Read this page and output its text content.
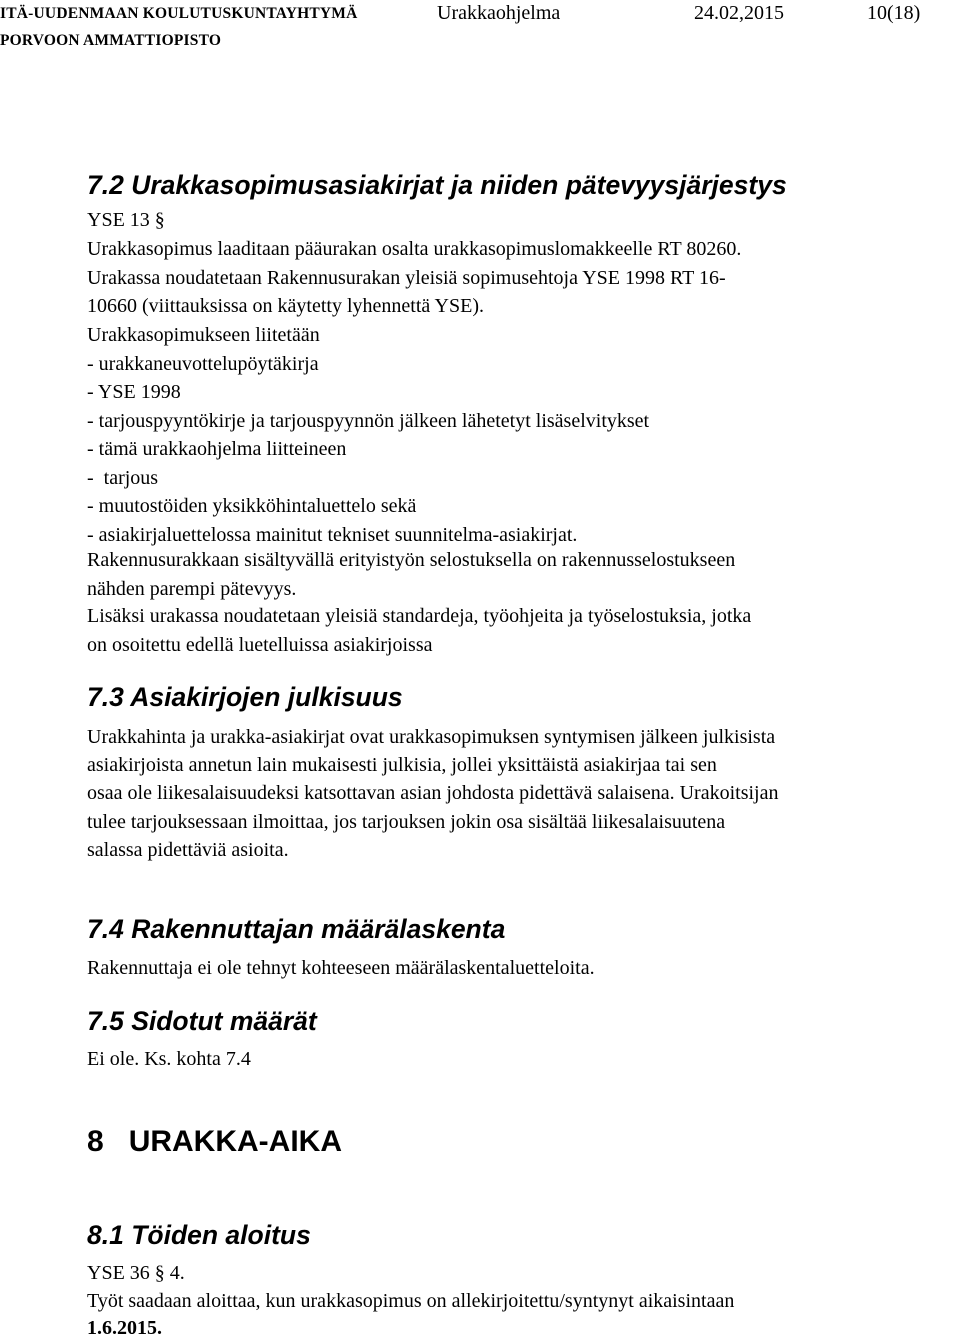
ITÄ-UUDENMAAN KOULUTUSKUNTAYHTYMÄ
PORVOON AMMATTIOPISTO
Urakkaohjelma	24.02,2015	10(18)
7.2 Urakkasopimusasiakirjat ja niiden pätevyysjärjestys
YSE 13 §
Urakkasopimus laaditaan pääurakan osalta urakkasopimuslomakkeelle RT 80260.
Urakassa noudatetaan Rakennusurakan yleisiä sopimusehtoja YSE 1998 RT 16-
10660 (viittauksissa on käytetty lyhennettä YSE).
Urakkasopimukseen liitetään
- urakkaneuvottelupöytäkirja
- YSE 1998
- tarjouspyyntökirje ja tarjouspyynnön jälkeen lähetetyt lisäselvitykset
- tämä urakkaohjelma liitteineen
-  tarjous
- muutostöiden yksikköhintaluettelo sekä
- asiakirjaluettelossa mainitut tekniset suunnitelma-asiakirjat.
Rakennusurakkaan sisältyvällä erityistyön selostuksella on rakennusselostukseen
nähden parempi pätevyys.
Lisäksi urakassa noudatetaan yleisiä standardeja, työohjeita ja työselostuksia, jotka
on osoitettu edellä luetelluissa asiakirjoissa
7.3 Asiakirjojen julkisuus
Urakkahinta ja urakka-asiakirjat ovat urakkasopimuksen syntymisen jälkeen julkisista
asiakirjoista annetun lain mukaisesti julkisia, jollei yksittäistä asiakirjaa tai sen
osaa ole liikesalaisuudeksi katsottavan asian johdosta pidettävä salaisena. Urakoitsijan
tulee tarjouksessaan ilmoittaa, jos tarjouksen jokin osa sisältää liikesalaisuutena
salassa pidettäviä asioita.
7.4 Rakennuttajan määrälaskenta
Rakennuttaja ei ole tehnyt kohteeseen määrälaskentaluetteloita.
7.5 Sidotut määrät
Ei ole. Ks. kohta 7.4
8   URAKKA-AIKA
8.1 Töiden aloitus
YSE 36 § 4.
Työt saadaan aloittaa, kun urakkasopimus on allekirjoitettu/syntynyt aikaisintaan
1.6.2015.
